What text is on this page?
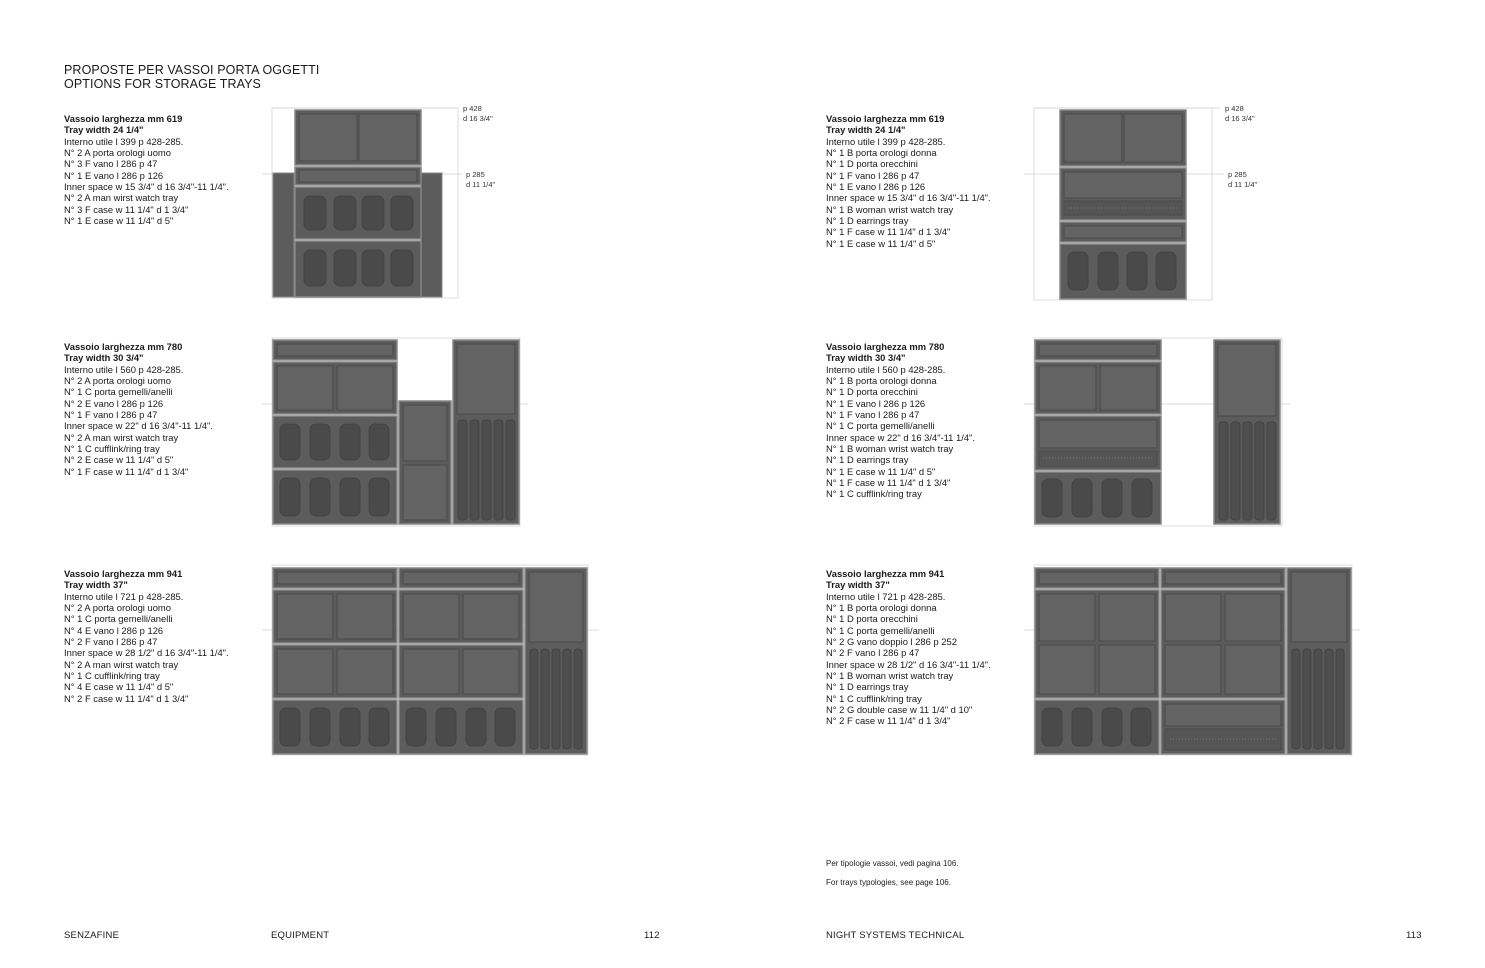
PROPOSTE PER VASSOI PORTA OGGETTI
OPTIONS FOR STORAGE TRAYS
Vassoio larghezza mm 619
Tray width 24 1/4"
Interno utile l 399 p 428-285.
N° 2 A porta orologi uomo
N° 3 F vano l 286 p 47
N° 1 E vano l 286 p 126
Inner space w 15 3/4" d 16 3/4"-11 1/4".
N° 2 A man wirst watch tray
N° 3 F case w 11 1/4" d 1 3/4"
N° 1 E case w 11 1/4" d 5"
Vassoio larghezza mm 780
Tray width 30 3/4"
Interno utile l 560 p 428-285.
N° 2 A porta orologi uomo
N° 1 C porta gemelli/anelli
N° 2 E vano l 286 p 126
N° 1 F vano l 286 p 47
Inner space w 22" d 16 3/4"-11 1/4".
N° 2 A man wirst watch tray
N° 1 C cufflink/ring tray
N° 2 E case w 11 1/4" d 5"
N° 1 F case w 11 1/4" d 1 3/4"
Vassoio larghezza mm 941
Tray width 37"
Interno utile l 721 p 428-285.
N° 2 A porta orologi uomo
N° 1 C porta gemelli/anelli
N° 4 E vano l 286 p 126
N° 2 F vano l 286 p 47
Inner space w 28 1/2" d 16 3/4"-11 1/4".
N° 2 A man wirst watch tray
N° 1 C cufflink/ring tray
N° 4 E case w 11 1/4" d 5"
N° 2 F case w 11 1/4" d 1 3/4"
Vassoio larghezza mm 619
Tray width 24 1/4"
Interno utile l 399 p 428-285.
N° 1 B porta orologi donna
N° 1 D porta orecchini
N° 1 F vano l 286 p 47
N° 1 E vano l 286 p 126
Inner space w 15 3/4" d 16 3/4"-11 1/4".
N° 1 B woman wrist watch tray
N° 1 D earrings tray
N° 1 F case w 11 1/4" d 1 3/4"
N° 1 E case w 11 1/4" d 5"
Vassoio larghezza mm 780
Tray width 30 3/4"
Interno utile l 560 p 428-285.
N° 1 B porta orologi donna
N° 1 D porta orecchini
N° 1 E vano l 286 p 126
N° 1 F vano l 286 p 47
N° 1 C porta gemelli/anelli
Inner space w 22" d 16 3/4"-11 1/4".
N° 1 B woman wrist watch tray
N° 1 D earrings tray
N° 1 E case w 11 1/4" d 5"
N° 1 F case w 11 1/4" d 1 3/4"
N° 1 C cufflink/ring tray
Vassoio larghezza mm 941
Tray width 37"
Interno utile l 721 p 428-285.
N° 1 B porta orologi donna
N° 1 D porta orecchini
N° 1 C porta gemelli/anelli
N° 2 G vano doppio l 286 p 252
N° 2 F vano l 286 p 47
Inner space w 28 1/2" d 16 3/4"-11 1/4".
N° 1 B woman wrist watch tray
N° 1 D earrings tray
N° 1 C cufflink/ring tray
N° 2 G double case w 11 1/4" d 10"
N° 2 F case w 11 1/4" d 1 3/4"
p 428
d 16 3/4"
p 285
d 11 1/4"
p 428
d 16 3/4"
p 285
d 11 1/4"
Per tipologie vassoi, vedi pagina 106.
For trays typologies, see page 106.
SENZAFINE	EQUIPMENT	112	NIGHT SYSTEMS TECHNICAL	113
